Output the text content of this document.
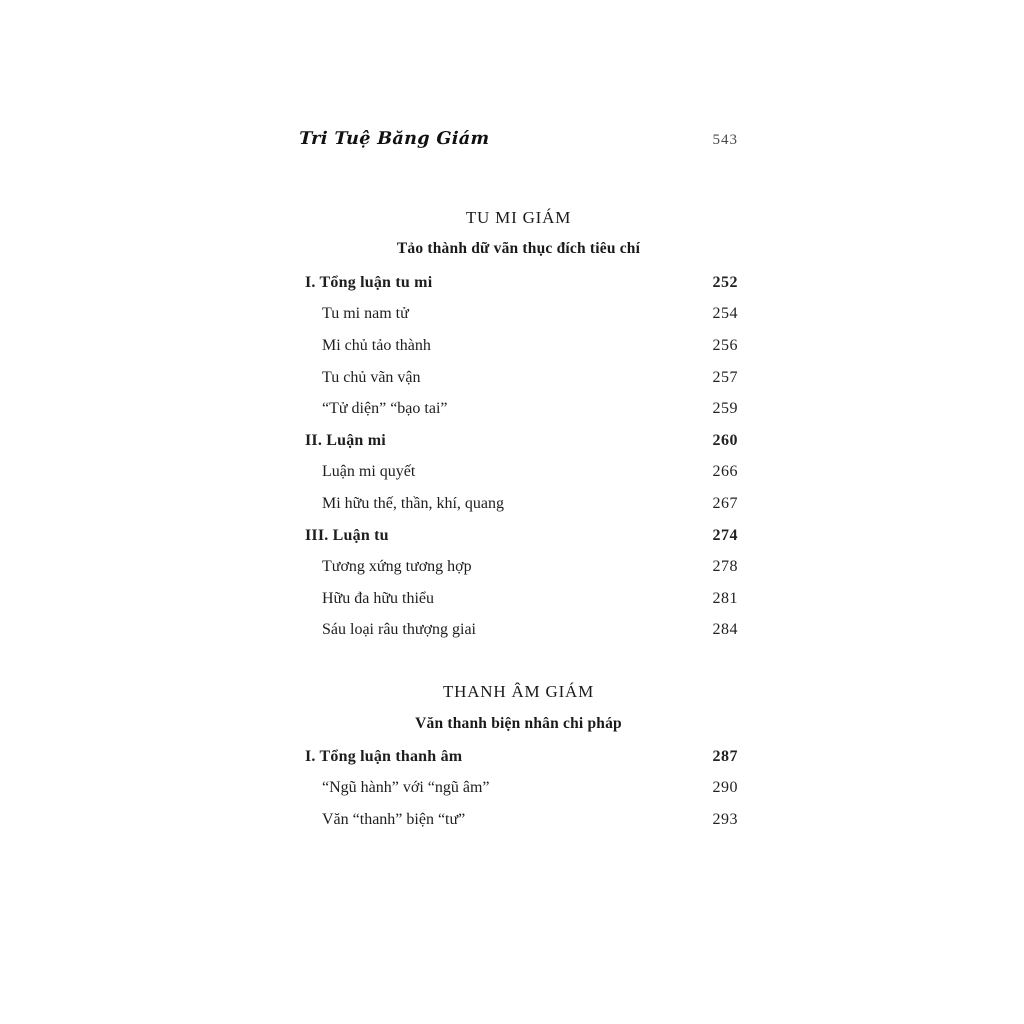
Tri Tuệ Băng Giám	543
TU MI GIÁM
Tảo thành dữ vãn thục đích tiêu chí
I. Tổng luận tu mi	252
Tu mi nam tử	254
Mi chủ tảo thành	256
Tu chủ vãn vận	257
“Tử diện” “bạo tai”	259
II. Luận mi	260
Luận mi quyết	266
Mi hữu thế, thần, khí, quang	267
III. Luận tu	274
Tương xứng tương hợp	278
Hữu đa hữu thiểu	281
Sáu loại râu thượng giai	284
THANH ÂM GIÁM
Văn thanh biện nhân chi pháp
I. Tổng luận thanh âm	287
“Ngũ hành” với “ngũ âm”	290
Văn “thanh” biện “tư”	293
